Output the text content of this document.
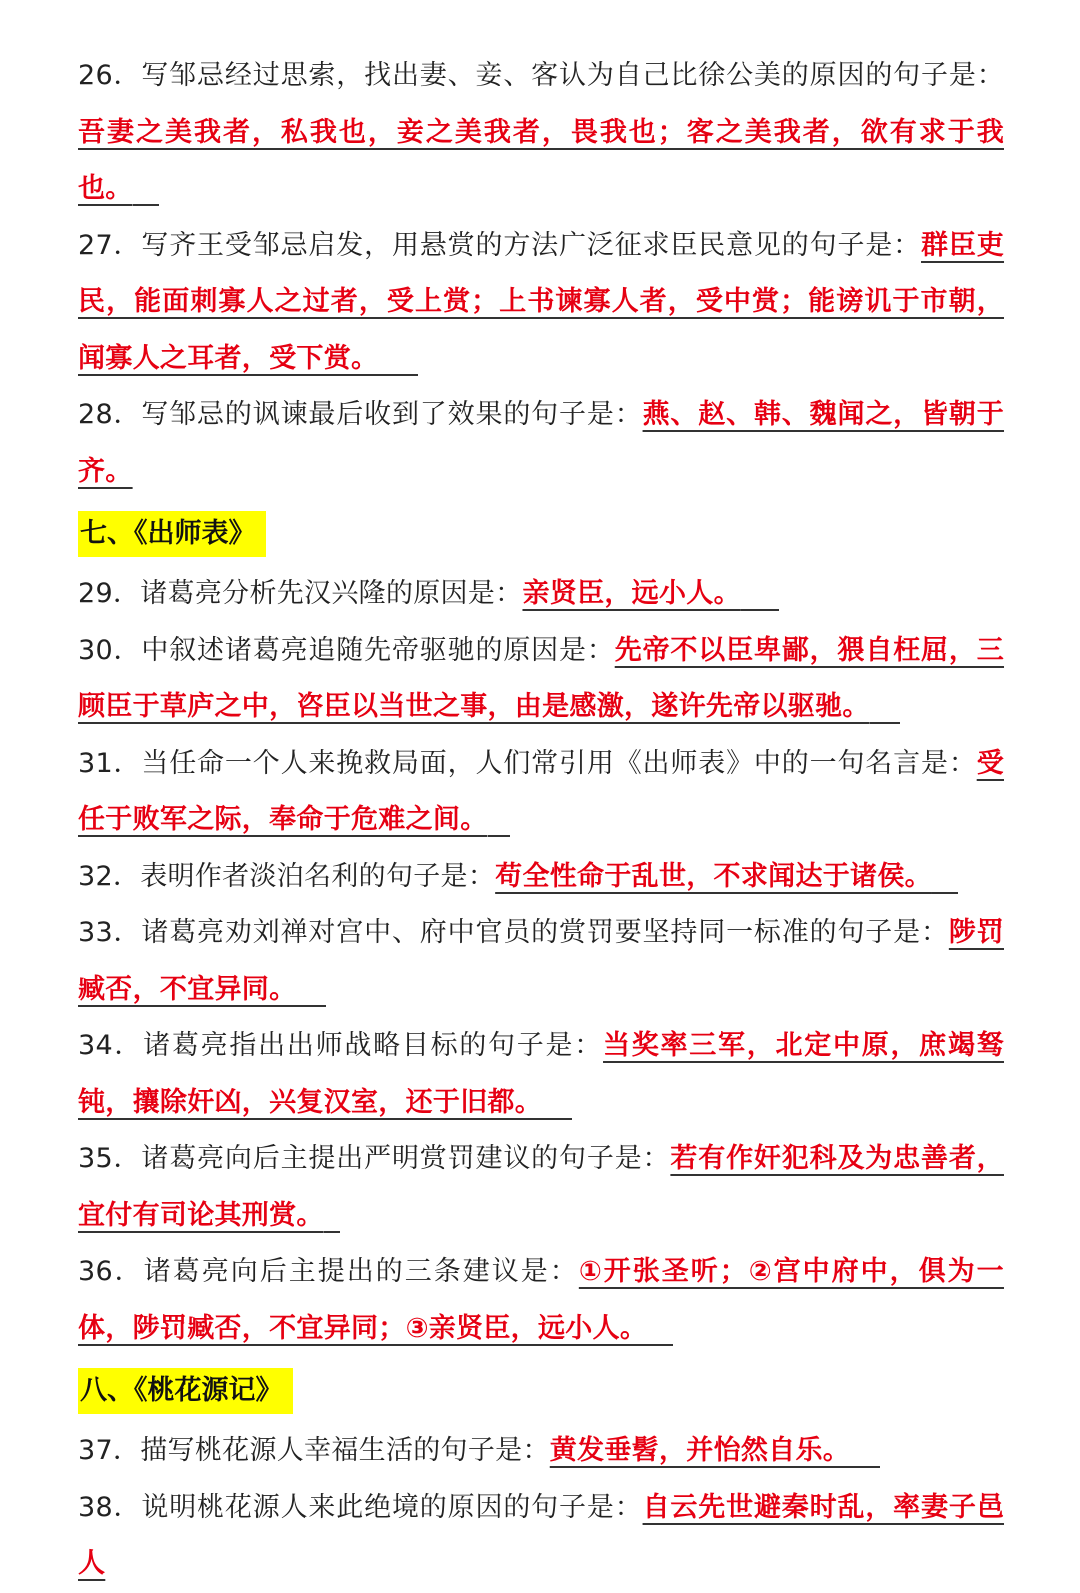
26．写邹忌经过思索，找出妻、妾、客认为自己比徐公美的原因的句子是：吾妻之美我者，私我也，妾之美我者，畏我也；客之美我者，欲有求于我也。

27．写齐王受邹忌启发，用悬赏的方法广泛征求臣民意见的句子是：群臣吏民，能面刺寡人之过者，受上赏；上书谏寡人者，受中赏；能谤讥于市朝，闻寡人之耳者，受下赏。

28．写邹忌的讽谏最后收到了效果的句子是：燕、赵、韩、魏闻之，皆朝于齐。

七、《出师表》

29．诸葛亮分析先汉兴隆的原因是：亲贤臣，远小人。

30．中叙述诸葛亮追随先帝驱驰的原因是：先帝不以臣卑鄙，猥自枉屈，三顾臣于草庐之中，咨臣以当世之事，由是感激，遂许先帝以驱驰。

31．当任命一个人来挽救局面，人们常引用《出师表》中的一句名言是：受任于败军之际，奉命于危难之间。

32．表明作者淡泊名利的句子是：苟全性命于乱世，不求闻达于诸侯。

33．诸葛亮劝刘禅对宫中、府中官员的赏罚要坚持同一标准的句子是：陟罚臧否，不宜异同。

34．诸葛亮指出出师战略目标的句子是：当奖率三军，北定中原，庶竭驽钝，攘除奸凶，兴复汉室，还于旧都。

35．诸葛亮向后主提出严明赏罚建议的句子是：若有作奸犯科及为忠善者，宜付有司论其刑赏。

36．诸葛亮向后主提出的三条建议是：①开张圣听；②宫中府中，俱为一体，陟罚臧否，不宜异同；③亲贤臣，远小人。

八、《桃花源记》

37．描写桃花源人幸福生活的句子是：黄发垂髫，并怡然自乐。

38．说明桃花源人来此绝境的原因的句子是：自云先世避秦时乱，率妻子邑人
